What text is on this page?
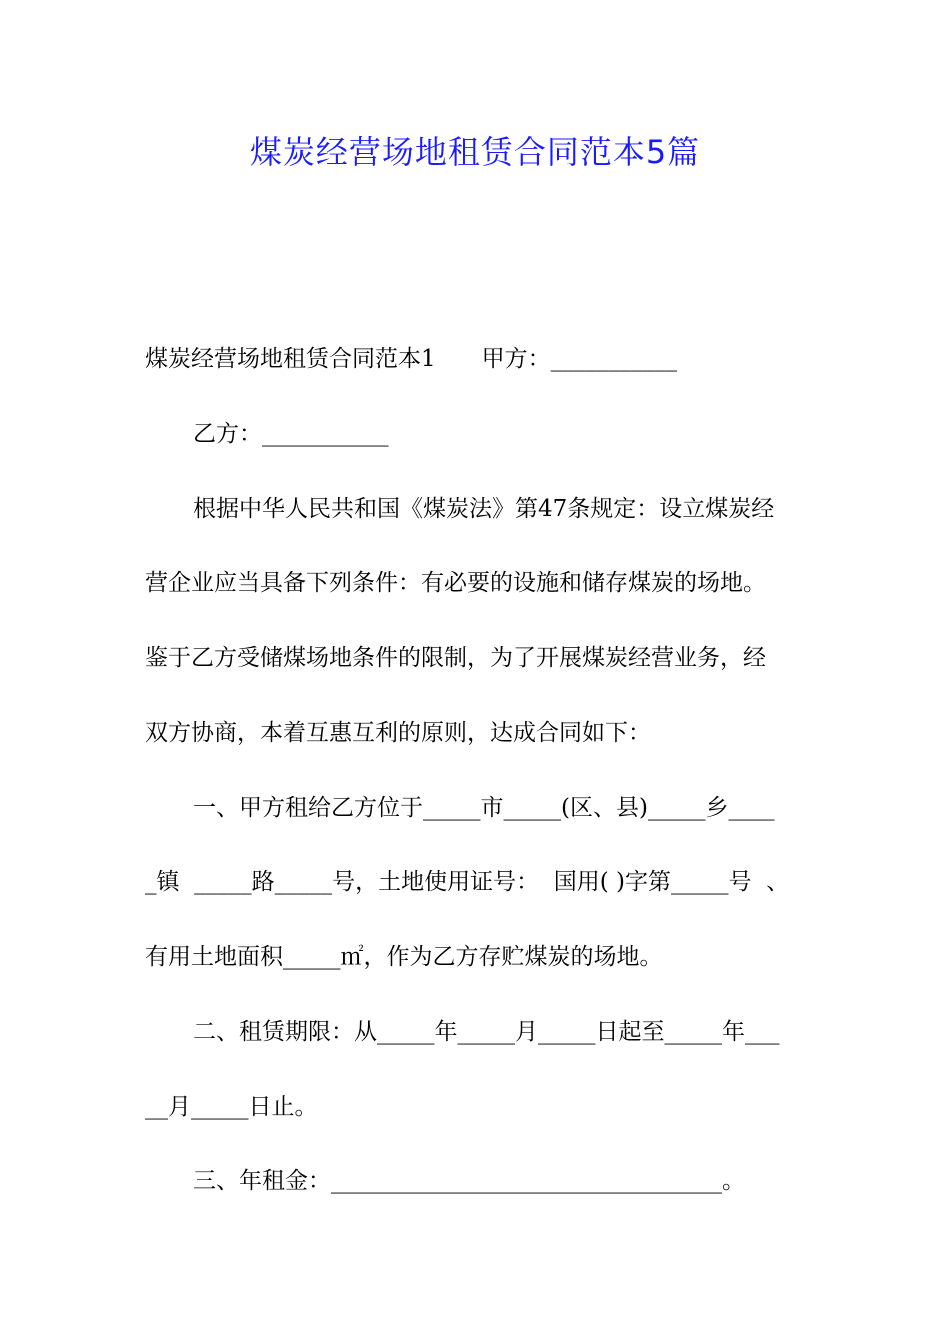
煤炭经营场地租赁合同范本5篇
煤炭经营场地租赁合同范本1　　甲方：___________
乙方：___________
根据中华人民共和国《煤炭法》第47条规定：设立煤炭经
营企业应当具备下列条件：有必要的设施和储存煤炭的场地。
鉴于乙方受储煤场地条件的限制，为了开展煤炭经营业务，经
双方协商，本着互惠互利的原则，达成合同如下：
一、甲方租给乙方位于_____市_____(区、县)_____乡____
_镇  _____路_____号，土地使用证号：  国用( )字第_____号  、
有用土地面积_____㎡，作为乙方存贮煤炭的场地。
二、租赁期限：从_____年_____月_____日起至_____年___
__月_____日止。
三、年租金：__________________________________。
